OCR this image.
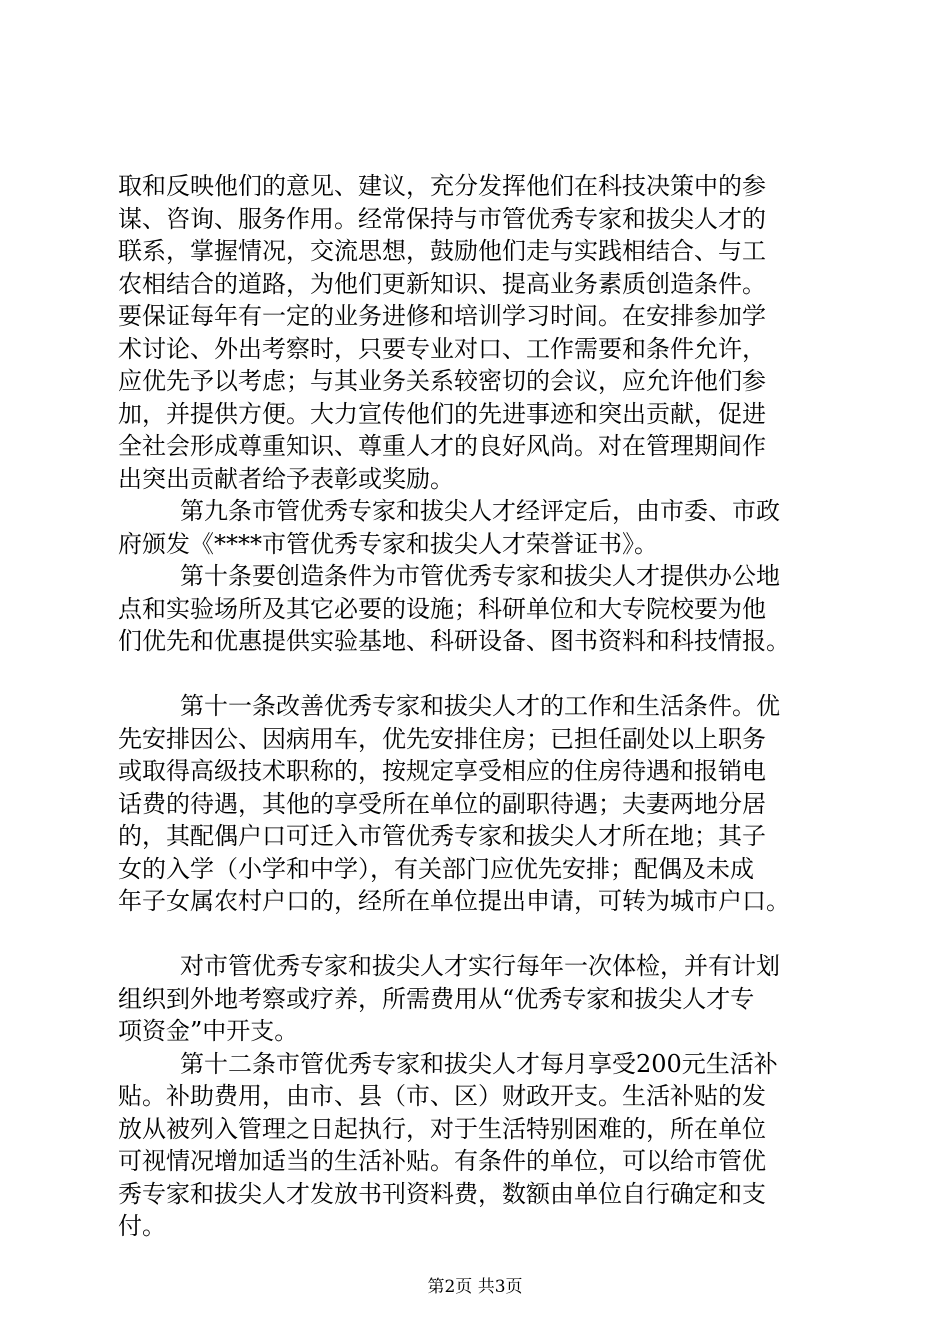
取和反映他们的意见、建议，充分发挥他们在科技决策中的参
谋、咨询、服务作用。经常保持与市管优秀专家和拔尖人才的
联系，掌握情况，交流思想，鼓励他们走与实践相结合、与工
农相结合的道路，为他们更新知识、提高业务素质创造条件。
要保证每年有一定的业务进修和培训学习时间。在安排参加学
术讨论、外出考察时，只要专业对口、工作需要和条件允许，
应优先予以考虑；与其业务关系较密切的会议，应允许他们参
加，并提供方便。大力宣传他们的先进事迹和突出贡献，促进
全社会形成尊重知识、尊重人才的良好风尚。对在管理期间作
出突出贡献者给予表彰或奖励。
第九条市管优秀专家和拔尖人才经评定后，由市委、市政
府颁发《****市管优秀专家和拔尖人才荣誉证书》。
第十条要创造条件为市管优秀专家和拔尖人才提供办公地
点和实验场所及其它必要的设施；科研单位和大专院校要为他
们优先和优惠提供实验基地、科研设备、图书资料和科技情报。
第十一条改善优秀专家和拔尖人才的工作和生活条件。优
先安排因公、因病用车，优先安排住房；已担任副处以上职务
或取得高级技术职称的，按规定享受相应的住房待遇和报销电
话费的待遇，其他的享受所在单位的副职待遇；夫妻两地分居
的，其配偶户口可迁入市管优秀专家和拔尖人才所在地；其子
女的入学（小学和中学），有关部门应优先安排；配偶及未成
年子女属农村户口的，经所在单位提出申请，可转为城市户口。
对市管优秀专家和拔尖人才实行每年一次体检，并有计划
组织到外地考察或疗养，所需费用从“优秀专家和拔尖人才专
项资金”中开支。
第十二条市管优秀专家和拔尖人才每月享受200元生活补
贴。补助费用，由市、县（市、区）财政开支。生活补贴的发
放从被列入管理之日起执行，对于生活特别困难的，所在单位
可视情况增加适当的生活补贴。有条件的单位，可以给市管优
秀专家和拔尖人才发放书刊资料费，数额由单位自行确定和支
付。
第2页 共3页
